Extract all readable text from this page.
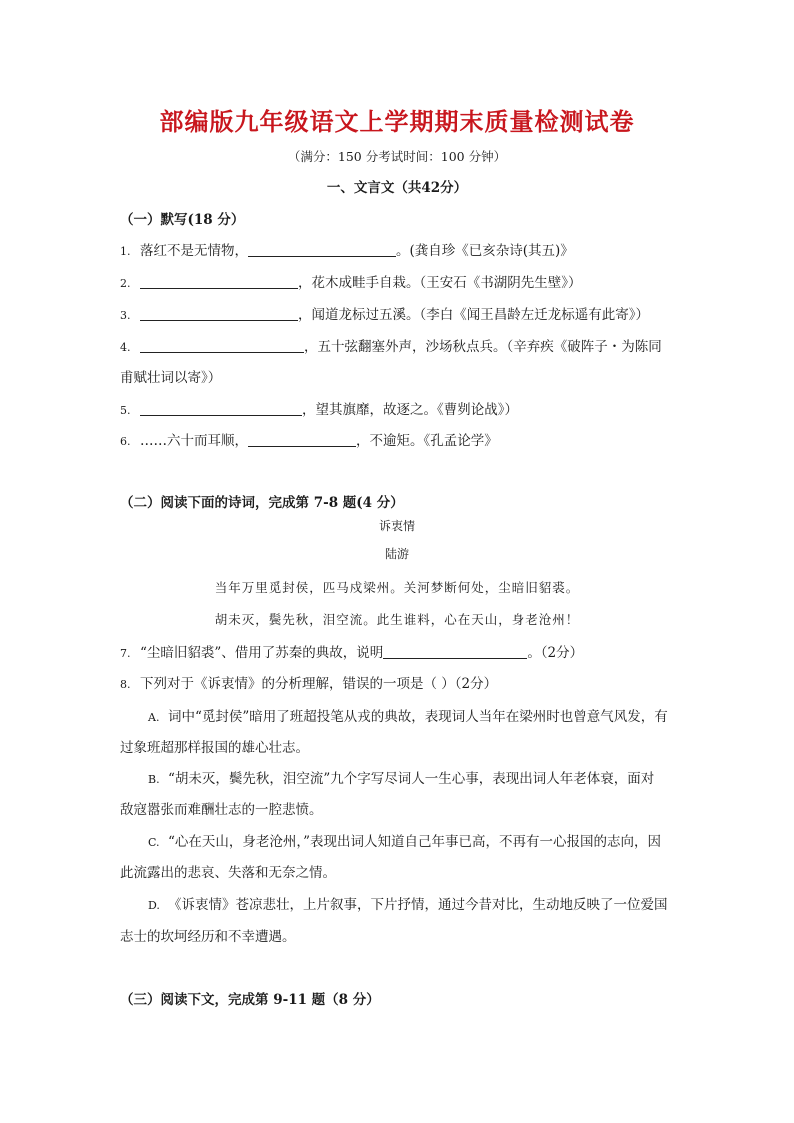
部编版九年级语文上学期期末质量检测试卷
（满分：150 分考试时间：100 分钟）
一、文言文（共42分）
（一）默写(18 分）
1. 落红不是无情物，	。(龚自珍《已亥杂诗(其五)》
2.	，花木成畦手自栽。（王安石《书湖阴先生壁》）
3.	，闻道龙标过五溪。（李白《闻王昌龄左迁龙标遥有此寄》）
4.	，五十弦翻塞外声，沙场秋点兵。（辛弃疾《破阵子・为陈同
甫赋壮词以寄》）
5.	，望其旗靡，故逐之。《曹刿论战》）
6. ……六十而耳顺，	，不逾矩。《孔孟论学》
（二）阅读下面的诗词，完成第 7-8 题(4 分）
诉衷情
陆游
当年万里觅封侯，匹马戍梁州。关河梦断何处，尘暗旧貂裘。
胡未灭，鬓先秋，泪空流。此生谁料，心在天山，身老沧州！
7. “尘暗旧貂裘”、借用了苏秦的典故，说明	。（2分）
8. 下列对于《诉衷情》的分析理解，错误的一项是（ ）（2分）
A. 词中“觅封侯”暗用了班超投笔从戎的典故，表现词人当年在梁州时也曾意气风发，有
过象班超那样报国的雄心壮志。
B. “胡未灭，鬓先秋，泪空流”九个字写尽词人一生心事，表现出词人年老体衰，面对
敌寇嚣张而难酬壮志的一腔悲愤。
C. “心在天山，身老沧州，”表现出词人知道自己年事已高，不再有一心报国的志向，因
此流露出的悲哀、失落和无奈之情。
D. 《诉衷情》苍凉悲壮，上片叙事，下片抒情，通过今昔对比，生动地反映了一位爱国
志士的坎坷经历和不幸遭遇。
（三）阅读下文，完成第 9-11 题（8 分）
